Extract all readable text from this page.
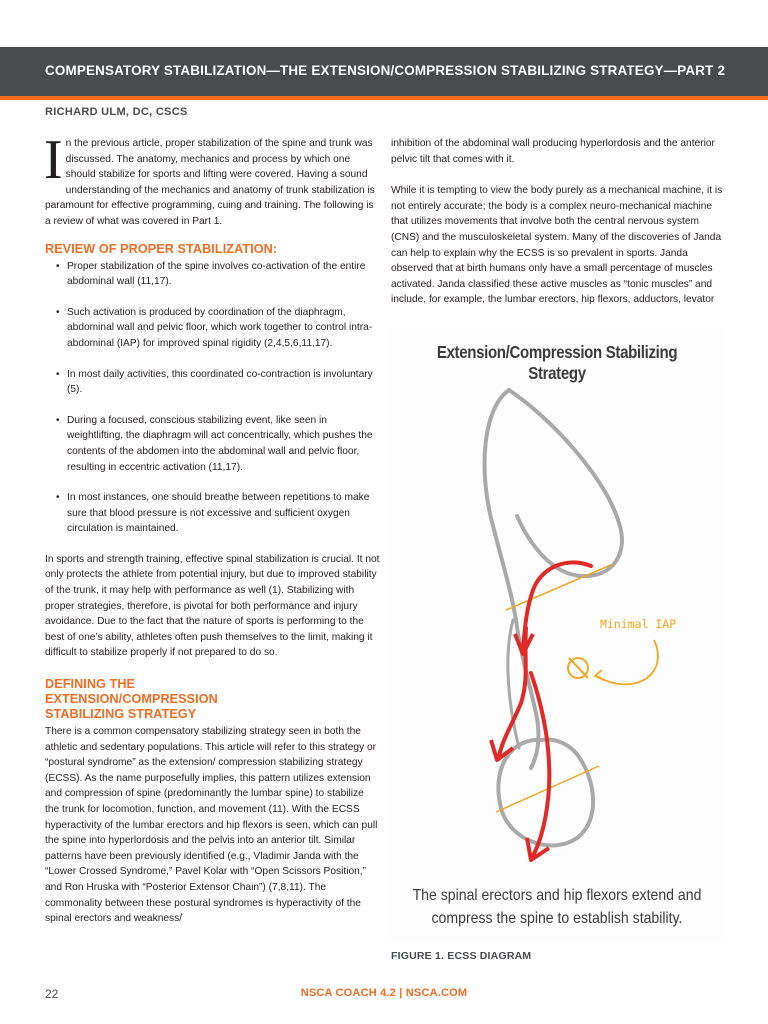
COMPENSATORY STABILIZATION—THE EXTENSION/COMPRESSION STABILIZING STRATEGY—PART 2
RICHARD ULM, DC, CSCS

In the previous article, proper stabilization of the spine and trunk was discussed. The anatomy, mechanics and process by which one should stabilize for sports and lifting were covered. Having a sound understanding of the mechanics and anatomy of trunk stabilization is paramount for effective programming, cuing and training. The following is a review of what was covered in Part 1.

REVIEW OF PROPER STABILIZATION:
• Proper stabilization of the spine involves co-activation of the entire abdominal wall (11,17).
• Such activation is produced by coordination of the diaphragm, abdominal wall and pelvic floor, which work together to control intra-abdominal (IAP) for improved spinal rigidity (2,4,5,6,11,17).
• In most daily activities, this coordinated co-contraction is involuntary (5).
• During a focused, conscious stabilizing event, like seen in weightlifting, the diaphragm will act concentrically, which pushes the contents of the abdomen into the abdominal wall and pelvic floor, resulting in eccentric activation (11,17).
• In most instances, one should breathe between repetitions to make sure that blood pressure is not excessive and sufficient oxygen circulation is maintained.

In sports and strength training, effective spinal stabilization is crucial. It not only protects the athlete from potential injury, but due to improved stability of the trunk, it may help with performance as well (1). Stabilizing with proper strategies, therefore, is pivotal for both performance and injury avoidance. Due to the fact that the nature of sports is performing to the best of one’s ability, athletes often push themselves to the limit, making it difficult to stabilize properly if not prepared to do so.

DEFINING THE EXTENSION/COMPRESSION STABILIZING STRATEGY

There is a common compensatory stabilizing strategy seen in both the athletic and sedentary populations. This article will refer to this strategy or “postural syndrome” as the extension/ compression stabilizing strategy (ECSS). As the name purposefully implies, this pattern utilizes extension and compression of spine (predominantly the lumbar spine) to stabilize the trunk for locomotion, function, and movement (11). With the ECSS hyperactivity of the lumbar erectors and hip flexors is seen, which can pull the spine into hyperlordosis and the pelvis into an anterior tilt. Similar patterns have been previously identified (e.g., Vladimir Janda with the “Lower Crossed Syndrome,” Pavel Kolar with “Open Scissors Position,” and Ron Hruska with “Posterior Extensor Chain”) (7,8,11). The commonality between these postural syndromes is hyperactivity of the spinal erectors and weakness/

inhibition of the abdominal wall producing hyperlordosis and the anterior pelvic tilt that comes with it.

While it is tempting to view the body purely as a mechanical machine, it is not entirely accurate; the body is a complex neuro-mechanical machine that utilizes movements that involve both the central nervous system (CNS) and the musculoskeletal system. Many of the discoveries of Janda can help to explain why the ECSS is so prevalent in sports. Janda observed that at birth humans only have a small percentage of muscles activated. Janda classified these active muscles as “tonic muscles” and include, for example, the lumbar erectors, hip flexors, adductors, levator

Extension/Compression Stabilizing Strategy
Minimal IAP
The spinal erectors and hip flexors extend and compress the spine to establish stability.
FIGURE 1. ECSS DIAGRAM
22	NSCA COACH 4.2 | NSCA.COM
